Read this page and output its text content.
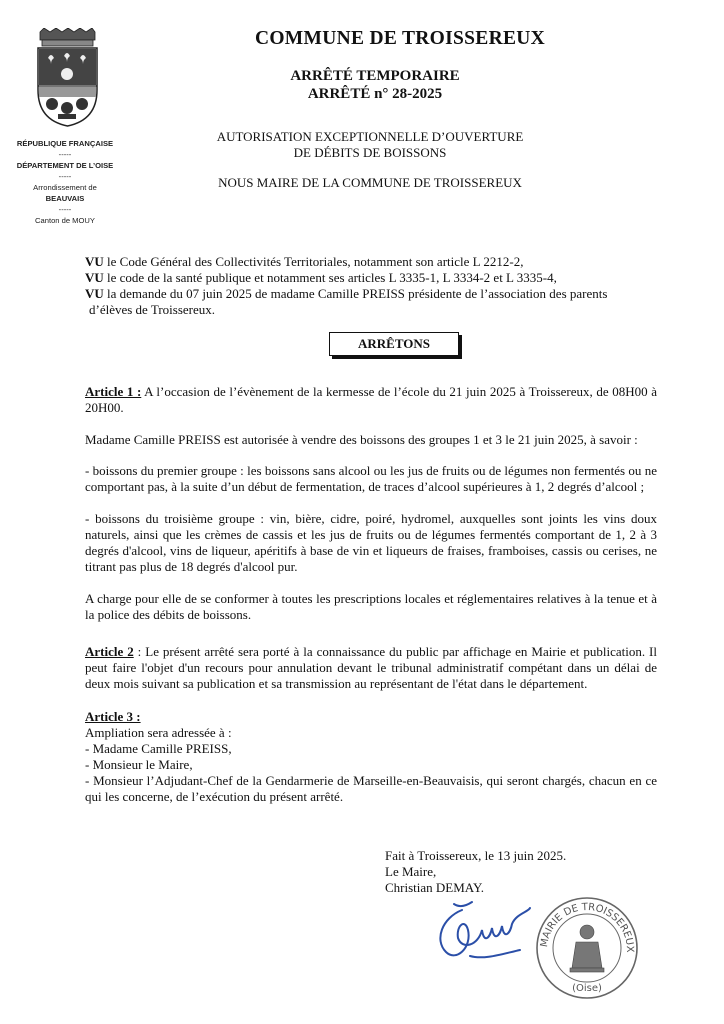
RÉPUBLIQUE FRANÇAISE
-----
DÉPARTEMENT DE L’OISE
-----
Arrondissement de
BEAUVAIS
-----
Canton de MOUY
COMMUNE DE TROISSEREUX
ARRÊTÉ TEMPORAIRE
ARRÊTÉ n° 28-2025
AUTORISATION EXCEPTIONNELLE D’OUVERTURE
DE DÉBITS DE BOISSONS
NOUS MAIRE DE LA COMMUNE DE TROISSEREUX

VU le Code Général des Collectivités Territoriales, notamment son article L 2212-2,

VU le code de la santé publique et notamment ses articles L 3335-1, L 3334-2 et L 3335-4,

VU la demande du 07 juin 2025 de madame Camille PREISS présidente de l’association des parents

d’élèves de Troissereux.

ARRÊTONS

Article 1 : A l’occasion de l’évènement de la kermesse de l’école du 21 juin 2025 à Troissereux, de 08H00 à 20H00.

Madame Camille PREISS est autorisée à vendre des boissons des groupes 1 et 3 le 21 juin 2025, à savoir :

- boissons du premier groupe : les boissons sans alcool ou les jus de fruits ou de légumes non fermentés ou ne comportant pas, à la suite d’un début de fermentation, de traces d’alcool supérieures à 1, 2 degrés d’alcool ;

- boissons du troisième groupe : vin, bière, cidre, poiré, hydromel, auxquelles sont joints les vins doux naturels, ainsi que les crèmes de cassis et les jus de fruits ou de légumes fermentés comportant de 1, 2 à 3 degrés d'alcool, vins de liqueur, apéritifs à base de vin et liqueurs de fraises, framboises, cassis ou cerises, ne titrant pas plus de 18 degrés d'alcool pur.

A charge pour elle de se conformer à toutes les prescriptions locales et réglementaires relatives à la tenue et à la police des débits de boissons.

Article 2 : Le présent arrêté sera porté à la connaissance du public par affichage en Mairie et publication. Il peut faire l'objet d'un recours pour annulation devant le tribunal administratif compétant dans un délai de deux mois suivant sa publication et sa transmission au représentant de l'état dans le département.

Article 3 :

Ampliation sera adressée à :

- Madame Camille PREISS,

- Monsieur le Maire,

- Monsieur l’Adjudant-Chef de la Gendarmerie de Marseille-en-Beauvaisis, qui seront chargés, chacun en ce qui les concerne, de l’exécution du présent arrêté.

Fait à Troissereux, le 13 juin 2025.
Le Maire,
Christian DEMAY.
MAIRIE DE TROISSEREUX
(Oise)
